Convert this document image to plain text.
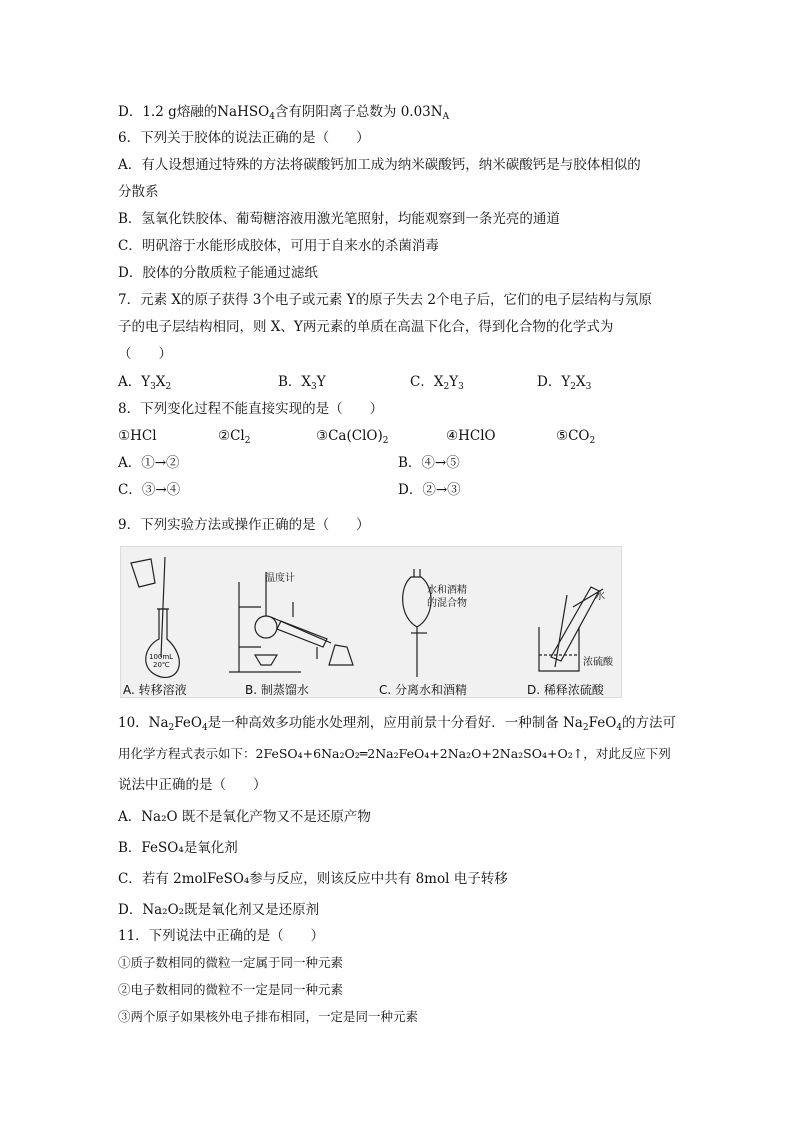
D．1.2 g熔融的NaHSO$_4$含有阴阳离子总数为 $0.03N_A$
6．下列关于胶体的说法正确的是（　　）
A．有人设想通过特殊的方法将碳酸钙加工成为纳米碳酸钙，纳米碳酸钙是与胶体相似的
分散系
B．氢氧化铁胶体、葡萄糖溶液用激光笔照射，均能观察到一条光亮的通道
C．明矾溶于水能形成胶体，可用于自来水的杀菌消毒
D．胶体的分散质粒子能通过滤纸
7．元素 X的原子获得 3个电子或元素 Y的原子失去 2个电子后，它们的电子层结构与氖原
子的电子层结构相同，则 X、Y两元素的单质在高温下化合，得到化合物的化学式为
（　　）
A．$Y_3X_2$	B．$X_3Y$	C．$X_2Y_3$	D．$Y_2X_3$
8．下列变化过程不能直接实现的是（　　）
①HCl	$②Cl_2$	$③Ca(ClO)_2$	④HClO	$⑤CO_2$
A．①→②	B．④→⑤
C．③→④	D．②→③
9．下列实验方法或操作正确的是（　　）
温度计
水和酒精
的混合物
水
浓硫酸
100mL
20℃
A. 转移溶液	B. 制蒸馏水	C. 分离水和酒精	D. 稀释浓硫酸
10．$Na_2FeO_4$是一种高效多功能水处理剂，应用前景十分看好．一种制备 $Na_2FeO_4$的方法可
用化学方程式表示如下：2FeSO₄+6Na₂O₂═2Na₂FeO₄+2Na₂O+2Na₂SO₄+O₂↑，对此反应下列
说法中正确的是（　　）
A．Na₂O 既不是氧化产物又不是还原产物
B．FeSO₄是氧化剂
C．若有 2molFeSO₄参与反应，则该反应中共有 8mol 电子转移
D．Na₂O₂既是氧化剂又是还原剂
11．下列说法中正确的是（　　）
①质子数相同的微粒一定属于同一种元素
②电子数相同的微粒不一定是同一种元素
③两个原子如果核外电子排布相同，一定是同一种元素
